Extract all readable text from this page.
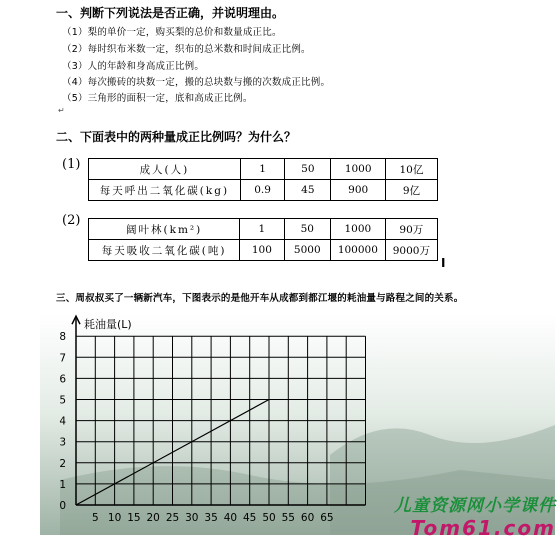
一、判断下列说法是否正确，并说明理由。
（1）梨的单价一定，购买梨的总价和数量成正比。
（2）每时织布米数一定，织布的总米数和时间成正比例。
（3）人的年龄和身高成正比例。
（4）每次搬砖的块数一定，搬的总块数与搬的次数成正比例。
（5）三角形的面积一定，底和高成正比例。
↵
二、下面表中的两种量成正比例吗？为什么？
(1)	成人(人)	1	50	1000	10亿
每天呼出二氧化碳(kg)	0.9	45	900	9亿
(2)
阔叶林(km²)	1	50	1000	90万
每天吸收二氧化碳(吨)	100	5000	100000	9000万
I
三、周叔叔买了一辆新汽车，下图表示的是他开车从成都到都江堰的耗油量与路程之间的关系。
耗油量(L)
0
1
2
3
4
5
6
7
8
5 10 15 20 25 30 35 40 45 50 55 60 65
儿童资源网小学课件
Tom61.com
